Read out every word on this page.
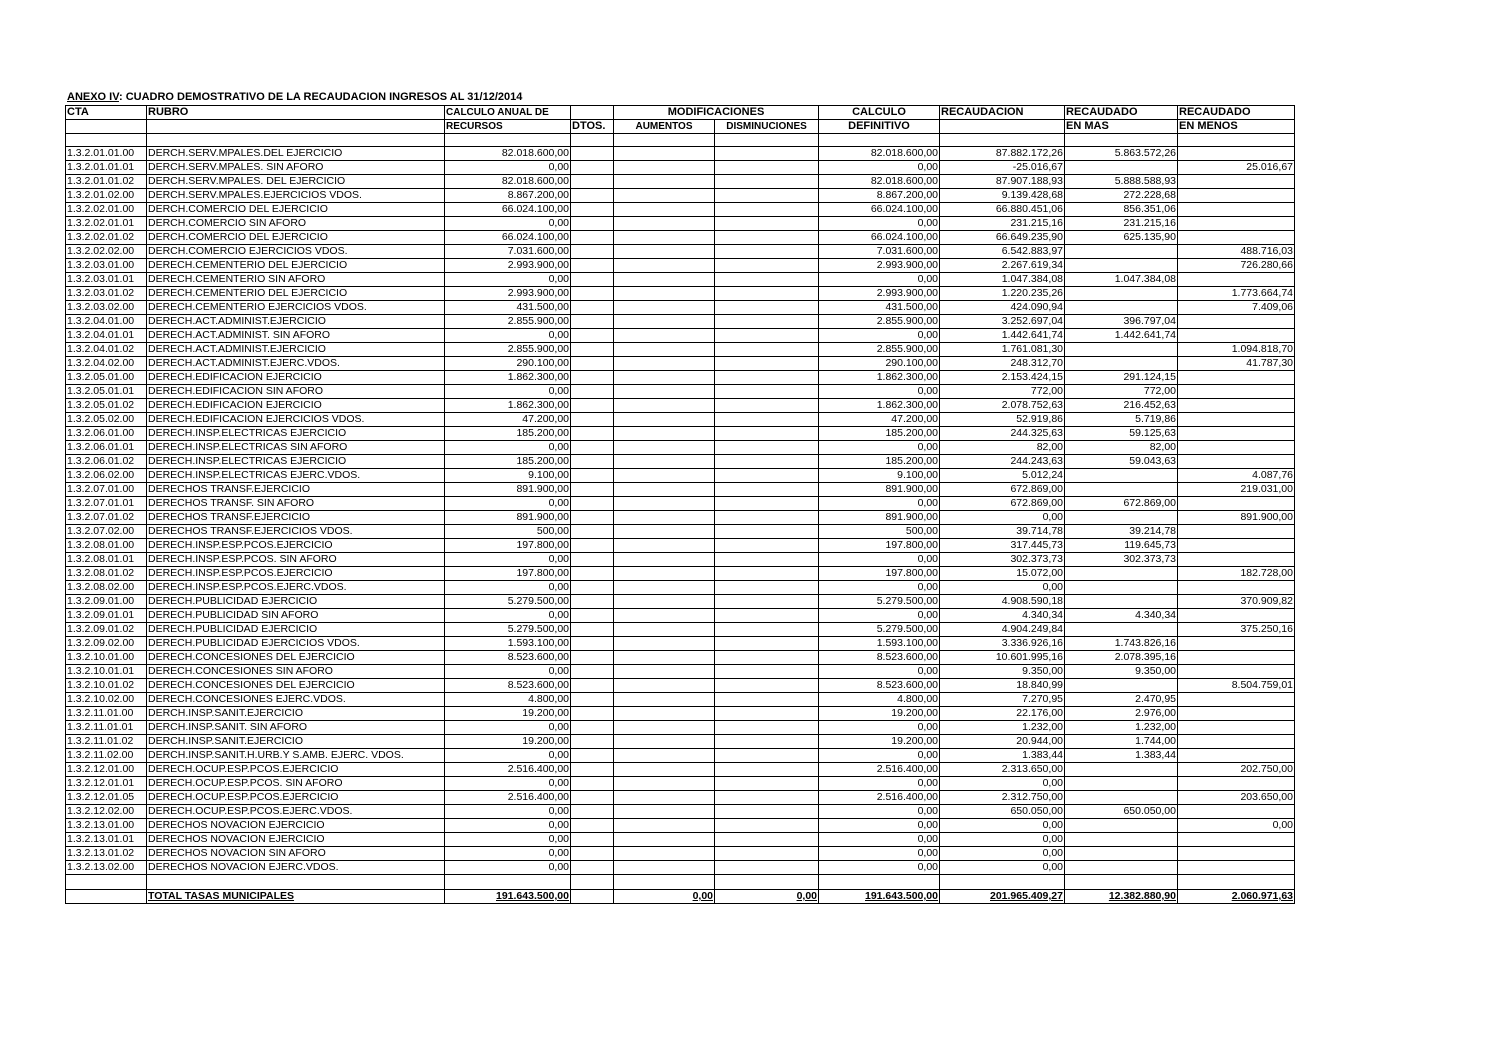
ANEXO IV: CUADRO DEMOSTRATIVO DE LA RECAUDACION INGRESOS AL 31/12/2014
CTA	RUBRO	CALCULO ANUAL DE		MODIFICACIONES		CALCULO	RECAUDACION	RECAUDADO	RECAUDADO
		RECURSOS	DTOS.	AUMENTOS	DISMINUCIONES	DEFINITIVO		EN MAS	EN MENOS

1.3.2.01.01.00	DERCH.SERV.MPALES.DEL EJERCICIO	82.018.600,00				82.018.600,00	87.882.172,26	5.863.572,26	
1.3.2.01.01.01	DERCH.SERV.MPALES. SIN AFORO	0,00				0,00	-25.016,67		25.016,67
1.3.2.01.01.02	DERCH.SERV.MPALES. DEL EJERCICIO	82.018.600,00				82.018.600,00	87.907.188,93	5.888.588,93	
1.3.2.01.02.00	DERCH.SERV.MPALES.EJERCICIOS VDOS.	8.867.200,00				8.867.200,00	9.139.428,68	272.228,68	
1.3.2.02.01.00	DERCH.COMERCIO DEL EJERCICIO	66.024.100,00				66.024.100,00	66.880.451,06	856.351,06	
1.3.2.02.01.01	DERCH.COMERCIO SIN AFORO	0,00				0,00	231.215,16	231.215,16	
1.3.2.02.01.02	DERCH.COMERCIO DEL EJERCICIO	66.024.100,00				66.024.100,00	66.649.235,90	625.135,90	
1.3.2.02.02.00	DERCH.COMERCIO EJERCICIOS VDOS.	7.031.600,00				7.031.600,00	6.542.883,97		488.716,03
1.3.2.03.01.00	DERECH.CEMENTERIO DEL EJERCICIO	2.993.900,00				2.993.900,00	2.267.619,34		726.280,66
1.3.2.03.01.01	DERECH.CEMENTERIO SIN AFORO	0,00				0,00	1.047.384,08	1.047.384,08	
1.3.2.03.01.02	DERECH.CEMENTERIO DEL EJERCICIO	2.993.900,00				2.993.900,00	1.220.235,26		1.773.664,74
1.3.2.03.02.00	DERECH.CEMENTERIO EJERCICIOS VDOS.	431.500,00				431.500,00	424.090,94		7.409,06
1.3.2.04.01.00	DERECH.ACT.ADMINIST.EJERCICIO	2.855.900,00				2.855.900,00	3.252.697,04	396.797,04	
1.3.2.04.01.01	DERECH.ACT.ADMINIST. SIN AFORO	0,00				0,00	1.442.641,74	1.442.641,74	
1.3.2.04.01.02	DERECH.ACT.ADMINIST.EJERCICIO	2.855.900,00				2.855.900,00	1.761.081,30		1.094.818,70
1.3.2.04.02.00	DERECH.ACT.ADMINIST.EJERC.VDOS.	290.100,00				290.100,00	248.312,70		41.787,30
1.3.2.05.01.00	DERECH.EDIFICACION EJERCICIO	1.862.300,00				1.862.300,00	2.153.424,15	291.124,15	
1.3.2.05.01.01	DERECH.EDIFICACION SIN AFORO	0,00				0,00	772,00	772,00	
1.3.2.05.01.02	DERECH.EDIFICACION EJERCICIO	1.862.300,00				1.862.300,00	2.078.752,63	216.452,63	
1.3.2.05.02.00	DERECH.EDIFICACION EJERCICIOS VDOS.	47.200,00				47.200,00	52.919,86	5.719,86	
1.3.2.06.01.00	DERECH.INSP.ELECTRICAS EJERCICIO	185.200,00				185.200,00	244.325,63	59.125,63	
1.3.2.06.01.01	DERECH.INSP.ELECTRICAS SIN AFORO	0,00				0,00	82,00	82,00	
1.3.2.06.01.02	DERECH.INSP.ELECTRICAS EJERCICIO	185.200,00				185.200,00	244.243,63	59.043,63	
1.3.2.06.02.00	DERECH.INSP.ELECTRICAS EJERC.VDOS.	9.100,00				9.100,00	5.012,24		4.087,76
1.3.2.07.01.00	DERECHOS TRANSF.EJERCICIO	891.900,00				891.900,00	672.869,00		219.031,00
1.3.2.07.01.01	DERECHOS TRANSF. SIN AFORO	0,00				0,00	672.869,00	672.869,00	
1.3.2.07.01.02	DERECHOS TRANSF.EJERCICIO	891.900,00				891.900,00	0,00		891.900,00
1.3.2.07.02.00	DERECHOS TRANSF.EJERCICIOS VDOS.	500,00				500,00	39.714,78	39.214,78	
1.3.2.08.01.00	DERECH.INSP.ESP.PCOS.EJERCICIO	197.800,00				197.800,00	317.445,73	119.645,73	
1.3.2.08.01.01	DERECH.INSP.ESP.PCOS. SIN AFORO	0,00				0,00	302.373,73	302.373,73	
1.3.2.08.01.02	DERECH.INSP.ESP.PCOS.EJERCICIO	197.800,00				197.800,00	15.072,00		182.728,00
1.3.2.08.02.00	DERECH.INSP.ESP.PCOS.EJERC.VDOS.	0,00				0,00	0,00		
1.3.2.09.01.00	DERECH.PUBLICIDAD EJERCICIO	5.279.500,00				5.279.500,00	4.908.590,18		370.909,82
1.3.2.09.01.01	DERECH.PUBLICIDAD SIN AFORO	0,00				0,00	4.340,34	4.340,34	
1.3.2.09.01.02	DERECH.PUBLICIDAD EJERCICIO	5.279.500,00				5.279.500,00	4.904.249,84		375.250,16
1.3.2.09.02.00	DERECH.PUBLICIDAD EJERCICIOS VDOS.	1.593.100,00				1.593.100,00	3.336.926,16	1.743.826,16	
1.3.2.10.01.00	DERECH.CONCESIONES DEL EJERCICIO	8.523.600,00				8.523.600,00	10.601.995,16	2.078.395,16	
1.3.2.10.01.01	DERECH.CONCESIONES SIN AFORO	0,00				0,00	9.350,00	9.350,00	
1.3.2.10.01.02	DERECH.CONCESIONES DEL EJERCICIO	8.523.600,00				8.523.600,00	18.840,99		8.504.759,01
1.3.2.10.02.00	DERECH.CONCESIONES EJERC.VDOS.	4.800,00				4.800,00	7.270,95	2.470,95	
1.3.2.11.01.00	DERCH.INSP.SANIT.EJERCICIO	19.200,00				19.200,00	22.176,00	2.976,00	
1.3.2.11.01.01	DERCH.INSP.SANIT. SIN AFORO	0,00				0,00	1.232,00	1.232,00	
1.3.2.11.01.02	DERCH.INSP.SANIT.EJERCICIO	19.200,00				19.200,00	20.944,00	1.744,00	
1.3.2.11.02.00	DERCH.INSP.SANIT.H.URB.Y S.AMB. EJERC. VDOS.	0,00				0,00	1.383,44	1.383,44	
1.3.2.12.01.00	DERECH.OCUP.ESP.PCOS.EJERCICIO	2.516.400,00				2.516.400,00	2.313.650,00		202.750,00
1.3.2.12.01.01	DERECH.OCUP.ESP.PCOS. SIN AFORO	0,00				0,00	0,00		
1.3.2.12.01.05	DERECH.OCUP.ESP.PCOS.EJERCICIO	2.516.400,00				2.516.400,00	2.312.750,00		203.650,00
1.3.2.12.02.00	DERECH.OCUP.ESP.PCOS.EJERC.VDOS.	0,00				0,00	650.050,00	650.050,00	
1.3.2.13.01.00	DERECHOS NOVACION EJERCICIO	0,00				0,00	0,00		0,00
1.3.2.13.01.01	DERECHOS NOVACION EJERCICIO	0,00				0,00	0,00		
1.3.2.13.01.02	DERECHOS NOVACION SIN AFORO	0,00				0,00	0,00		
1.3.2.13.02.00	DERECHOS NOVACION EJERC.VDOS.	0,00				0,00	0,00		

	TOTAL TASAS MUNICIPALES	191.643.500,00		0,00	0,00	191.643.500,00	201.965.409,27	12.382.880,90	2.060.971,63
